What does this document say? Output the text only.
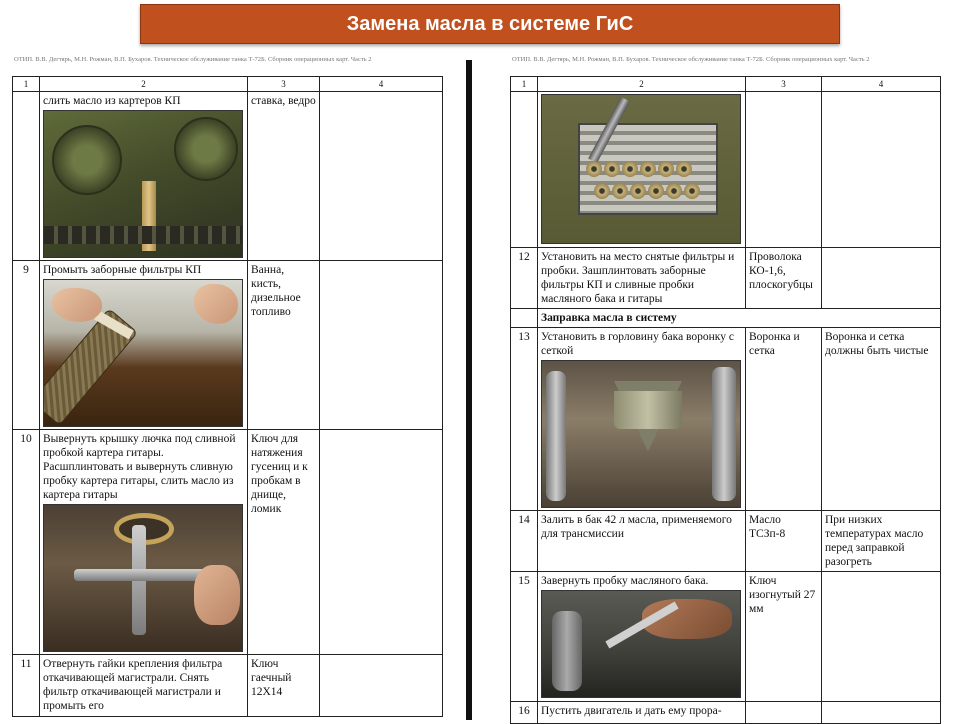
Замена масла в системе ГиС
ОТИП. В.В. Дегтярь, М.Н. Рожман, В.П. Бухаров. Техническое обслуживание танка Т-72Б. Сборник операционных карт. Часть 2	ОТИП. В.В. Дегтярь, М.Н. Рожман, В.П. Бухаров. Техническое обслуживание танка Т-72Б. Сборник операционных карт. Часть 2
1	2	3	4

	слить масло из картеров КП	ставка, ведро	
9	Промыть заборные фильтры КП	Ванна, кисть, дизельное топливо	
10	Вывернуть крышку лючка под сливной пробкой картера гитары. Расшплинтовать и вывернуть сливную пробку картера гитары, слить масло из картера гитары	Ключ для натяжения гусениц и к пробкам в днище, ломик	
11	Отвернуть гайки крепления фильтра откачивающей магистрали. Снять фильтр откачивающей магистрали и промыть его	Ключ гаечный 12Х14	
1	2	3	4

12	Установить на место снятые фильтры и пробки. Зашплинтовать заборные фильтры КП и сливные пробки масляного бака и гитары	Проволока КО-1,6, плоскогубцы	
	Заправка масла в систему		
13	Установить в горловину бака воронку с сеткой	Воронка и сетка	Воронка и сетка должны быть чистые
14	Залить в бак 42 л масла, применяемого для трансмиссии	Масло ТСЗп-8	При низких температурах масло перед заправкой разогреть
15	Завернуть пробку масляного бака.	Ключ изогнутый 27 мм	
16	Пустить двигатель и дать ему прора-		
